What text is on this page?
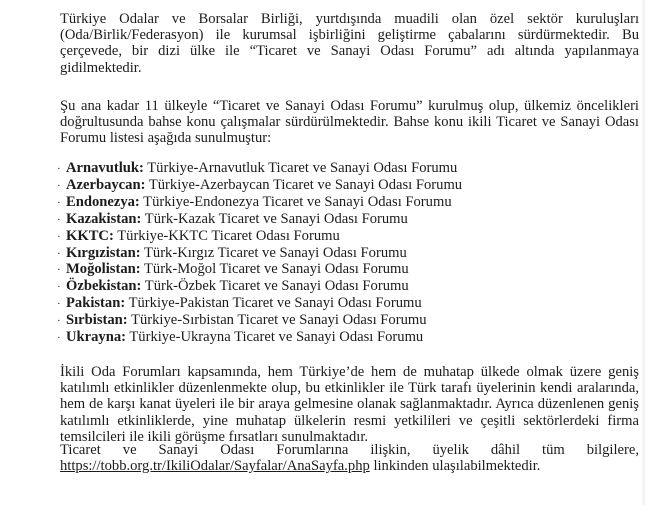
Türkiye Odalar ve Borsalar Birliği, yurtdışında muadili olan özel sektör kuruluşları (Oda/Birlik/Federasyon) ile kurumsal işbirliğini geliştirme çabalarını sürdürmektedir. Bu çerçevede, bir dizi ülke ile “Ticaret ve Sanayi Odası Forumu” adı altında yapılanmaya gidilmektedir.

Şu ana kadar 11 ülkeyle “Ticaret ve Sanayi Odası Forumu” kurulmuş olup, ülkemiz öncelikleri doğrultusunda bahse konu çalışmalar sürdürülmektedir. Bahse konu ikili Ticaret ve Sanayi Odası Forumu listesi aşağıda sunulmuştur:

· Arnavutluk: Türkiye-Arnavutluk Ticaret ve Sanayi Odası Forumu
· Azerbaycan: Türkiye-Azerbaycan Ticaret ve Sanayi Odası Forumu
· Endonezya: Türkiye-Endonezya Ticaret ve Sanayi Odası Forumu
· Kazakistan: Türk-Kazak Ticaret ve Sanayi Odası Forumu
· KKTC: Türkiye-KKTC Ticaret Odası Forumu
· Kırgızistan: Türk-Kırgız Ticaret ve Sanayi Odası Forumu
· Moğolistan: Türk-Moğol Ticaret ve Sanayi Odası Forumu
· Özbekistan: Türk-Özbek Ticaret ve Sanayi Odası Forumu
· Pakistan: Türkiye-Pakistan Ticaret ve Sanayi Odası Forumu
· Sırbistan: Türkiye-Sırbistan Ticaret ve Sanayi Odası Forumu
· Ukrayna: Türkiye-Ukrayna Ticaret ve Sanayi Odası Forumu

İkili Oda Forumları kapsamında, hem Türkiye’de hem de muhatap ülkede olmak üzere geniş katılımlı etkinlikler düzenlenmekte olup, bu etkinlikler ile Türk tarafı üyelerinin kendi aralarında, hem de karşı kanat üyeleri ile bir araya gelmesine olanak sağlanmaktadır. Ayrıca düzenlenen geniş katılımlı etkinliklerde, yine muhatap ülkelerin resmi yetkilileri ve çeşitli sektörlerdeki firma temsilcileri ile ikili görüşme fırsatları sunulmaktadır.

Ticaret ve Sanayi Odası Forumlarına ilişkin, üyelik dâhil tüm bilgilere, https://tobb.org.tr/IkiliOdalar/Sayfalar/AnaSayfa.php linkinden ulaşılabilmektedir.
